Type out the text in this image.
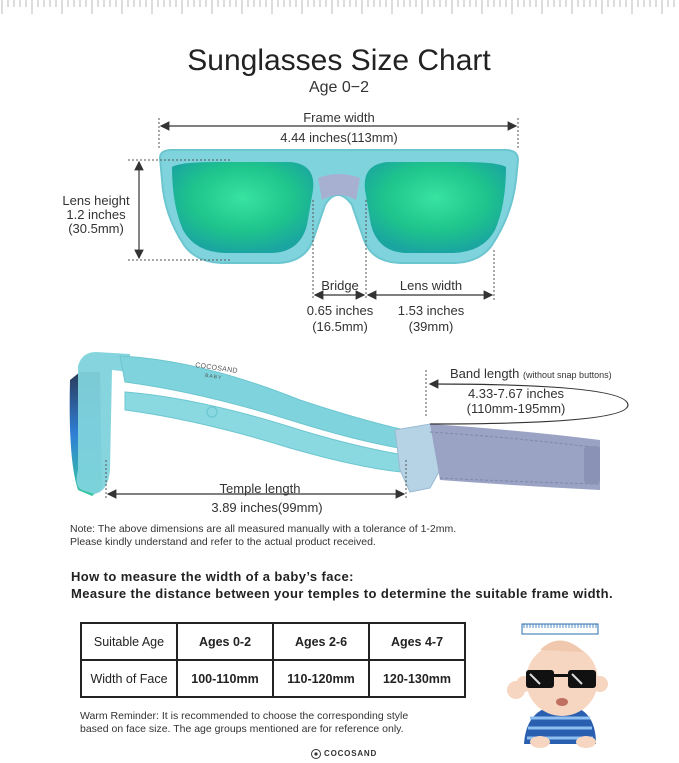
Sunglasses Size Chart
Age 0−2
Frame width
4.44 inches(113mm)
Lens height
1.2 inches
(30.5mm)
Bridge
0.65 inches
(16.5mm)
Lens width
1.53 inches
(39mm)
COCOSAND
BABY	Band length (without snap buttons)
4.33-7.67 inches
(110mm-195mm)
Temple length
3.89 inches(99mm)
Note: The above dimensions are all measured manually with a tolerance of 1-2mm.
Please kindly understand and refer to the actual product received.
How to measure the width of a baby’s face:
Measure the distance between your temples to determine the suitable frame width.
Suitable Age	Ages 0-2	Ages 2-6	Ages 4-7
Width of Face	100-110mm	110-120mm	120-130mm
Warm Reminder: It is recommended to choose the corresponding style
based on face size. The age groups mentioned are for reference only.
COCOSAND
